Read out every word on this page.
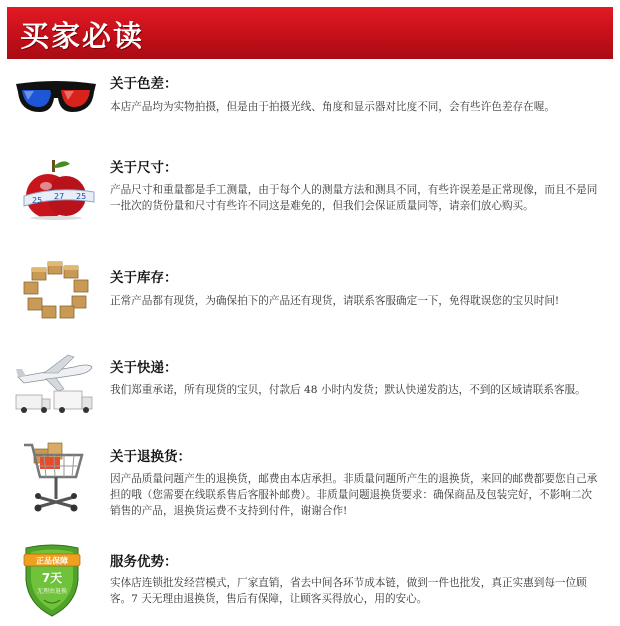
买家必读
关于色差：
本店产品均为实物拍摄，但是由于拍摄光线、角度和显示器对比度不同，会有些许色差存在喔。
25 27 25
关于尺寸：
产品尺寸和重量都是手工测量，由于每个人的测量方法和测具不同，有些许误差是正常现像，而且不是同一批次的货份量和尺寸有些许不同这是难免的，但我们会保证质量同等，请亲们放心购买。
关于库存：
正常产品都有现货，为确保拍下的产品还有现货，请联系客服确定一下，免得耽误您的宝贝时间!
关于快递：
我们郑重承诺，所有现货的宝贝，付款后 48 小时内发货；默认快递发韵达，不到的区域请联系客服。
关于退换货：
因产品质量问题产生的退换货，邮费由本店承担。非质量问题所产生的退换货，来回的邮费都要您自己承担的哦（您需要在线联系售后客服补邮费）。非质量问题退换货要求：确保商品及包装完好，不影响二次销售的产品，退换货运费不支持到付件，谢谢合作!
正品保障
7天
无理由退换
服务优势：
实体店连锁批发经营模式，厂家直销，省去中间各环节成本链，做到一件也批发，真正实惠到每一位顾客。7 天无理由退换货，售后有保障，让顾客买得放心，用的安心。
